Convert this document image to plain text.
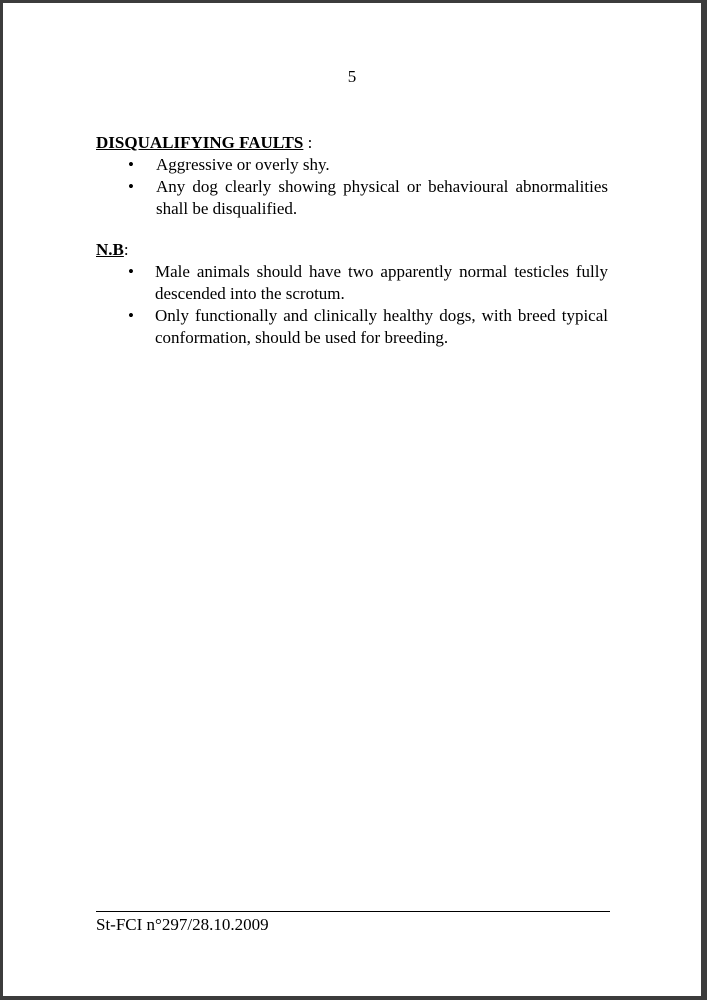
5

DISQUALIFYING FAULTS :

• Aggressive or overly shy.
• Any dog clearly showing physical or behavioural abnormalities shall be disqualified.

N.B:

• Male animals should have two apparently normal testicles fully descended into the scrotum.
• Only functionally and clinically healthy dogs, with breed typical conformation, should be used for breeding.
St-FCI n°297/28.10.2009
